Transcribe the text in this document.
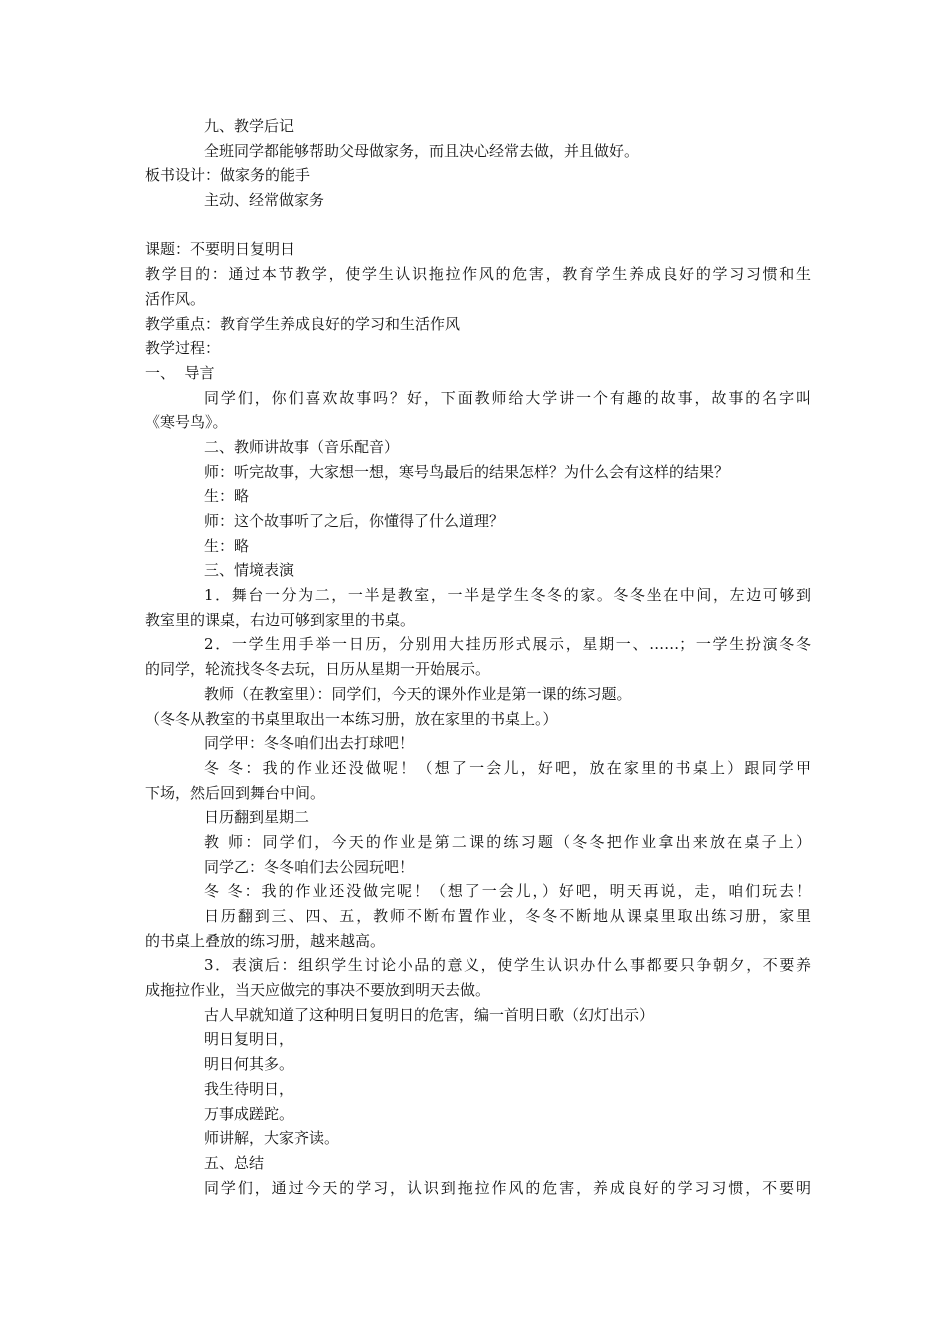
九、教学后记
全班同学都能够帮助父母做家务，而且决心经常去做，并且做好。
板书设计：做家务的能手
主动、经常做家务
课题：不要明日复明日
教学目的：通过本节教学，使学生认识拖拉作风的危害，教育学生养成良好的学习习惯和生
活作风。
教学重点：教育学生养成良好的学习和生活作风
教学过程：
一、  导言
同学们，你们喜欢故事吗？好，下面教师给大学讲一个有趣的故事，故事的名字叫
《寒号鸟》。
二、教师讲故事（音乐配音）
师：听完故事，大家想一想，寒号鸟最后的结果怎样？为什么会有这样的结果？
生：略
师：这个故事听了之后，你懂得了什么道理？
生：略
三、情境表演
1．舞台一分为二，一半是教室，一半是学生冬冬的家。冬冬坐在中间，左边可够到
教室里的课桌，右边可够到家里的书桌。
2．一学生用手举一日历，分别用大挂历形式展示，星期一、……；一学生扮演冬冬
的同学，轮流找冬冬去玩，日历从星期一开始展示。
教师（在教室里）：同学们，今天的课外作业是第一课的练习题。
（冬冬从教室的书桌里取出一本练习册，放在家里的书桌上。）
同学甲：冬冬咱们出去打球吧！
冬 冬：我的作业还没做呢！（想了一会儿，好吧，放在家里的书桌上）跟同学甲
下场，然后回到舞台中间。
日历翻到星期二
教 师：同学们，今天的作业是第二课的练习题（冬冬把作业拿出来放在桌子上）
同学乙：冬冬咱们去公园玩吧！
冬 冬：我的作业还没做完呢！（想了一会儿，）好吧，明天再说，走，咱们玩去！
日历翻到三、四、五，教师不断布置作业，冬冬不断地从课桌里取出练习册，家里
的书桌上叠放的练习册，越来越高。
3．表演后：组织学生讨论小品的意义，使学生认识办什么事都要只争朝夕，不要养
成拖拉作业，当天应做完的事决不要放到明天去做。
古人早就知道了这种明日复明日的危害，编一首明日歌（幻灯出示）
明日复明日，
明日何其多。
我生待明日，
万事成蹉跎。
师讲解，大家齐读。
五、总结
同学们，通过今天的学习，认识到拖拉作风的危害，养成良好的学习习惯，不要明
